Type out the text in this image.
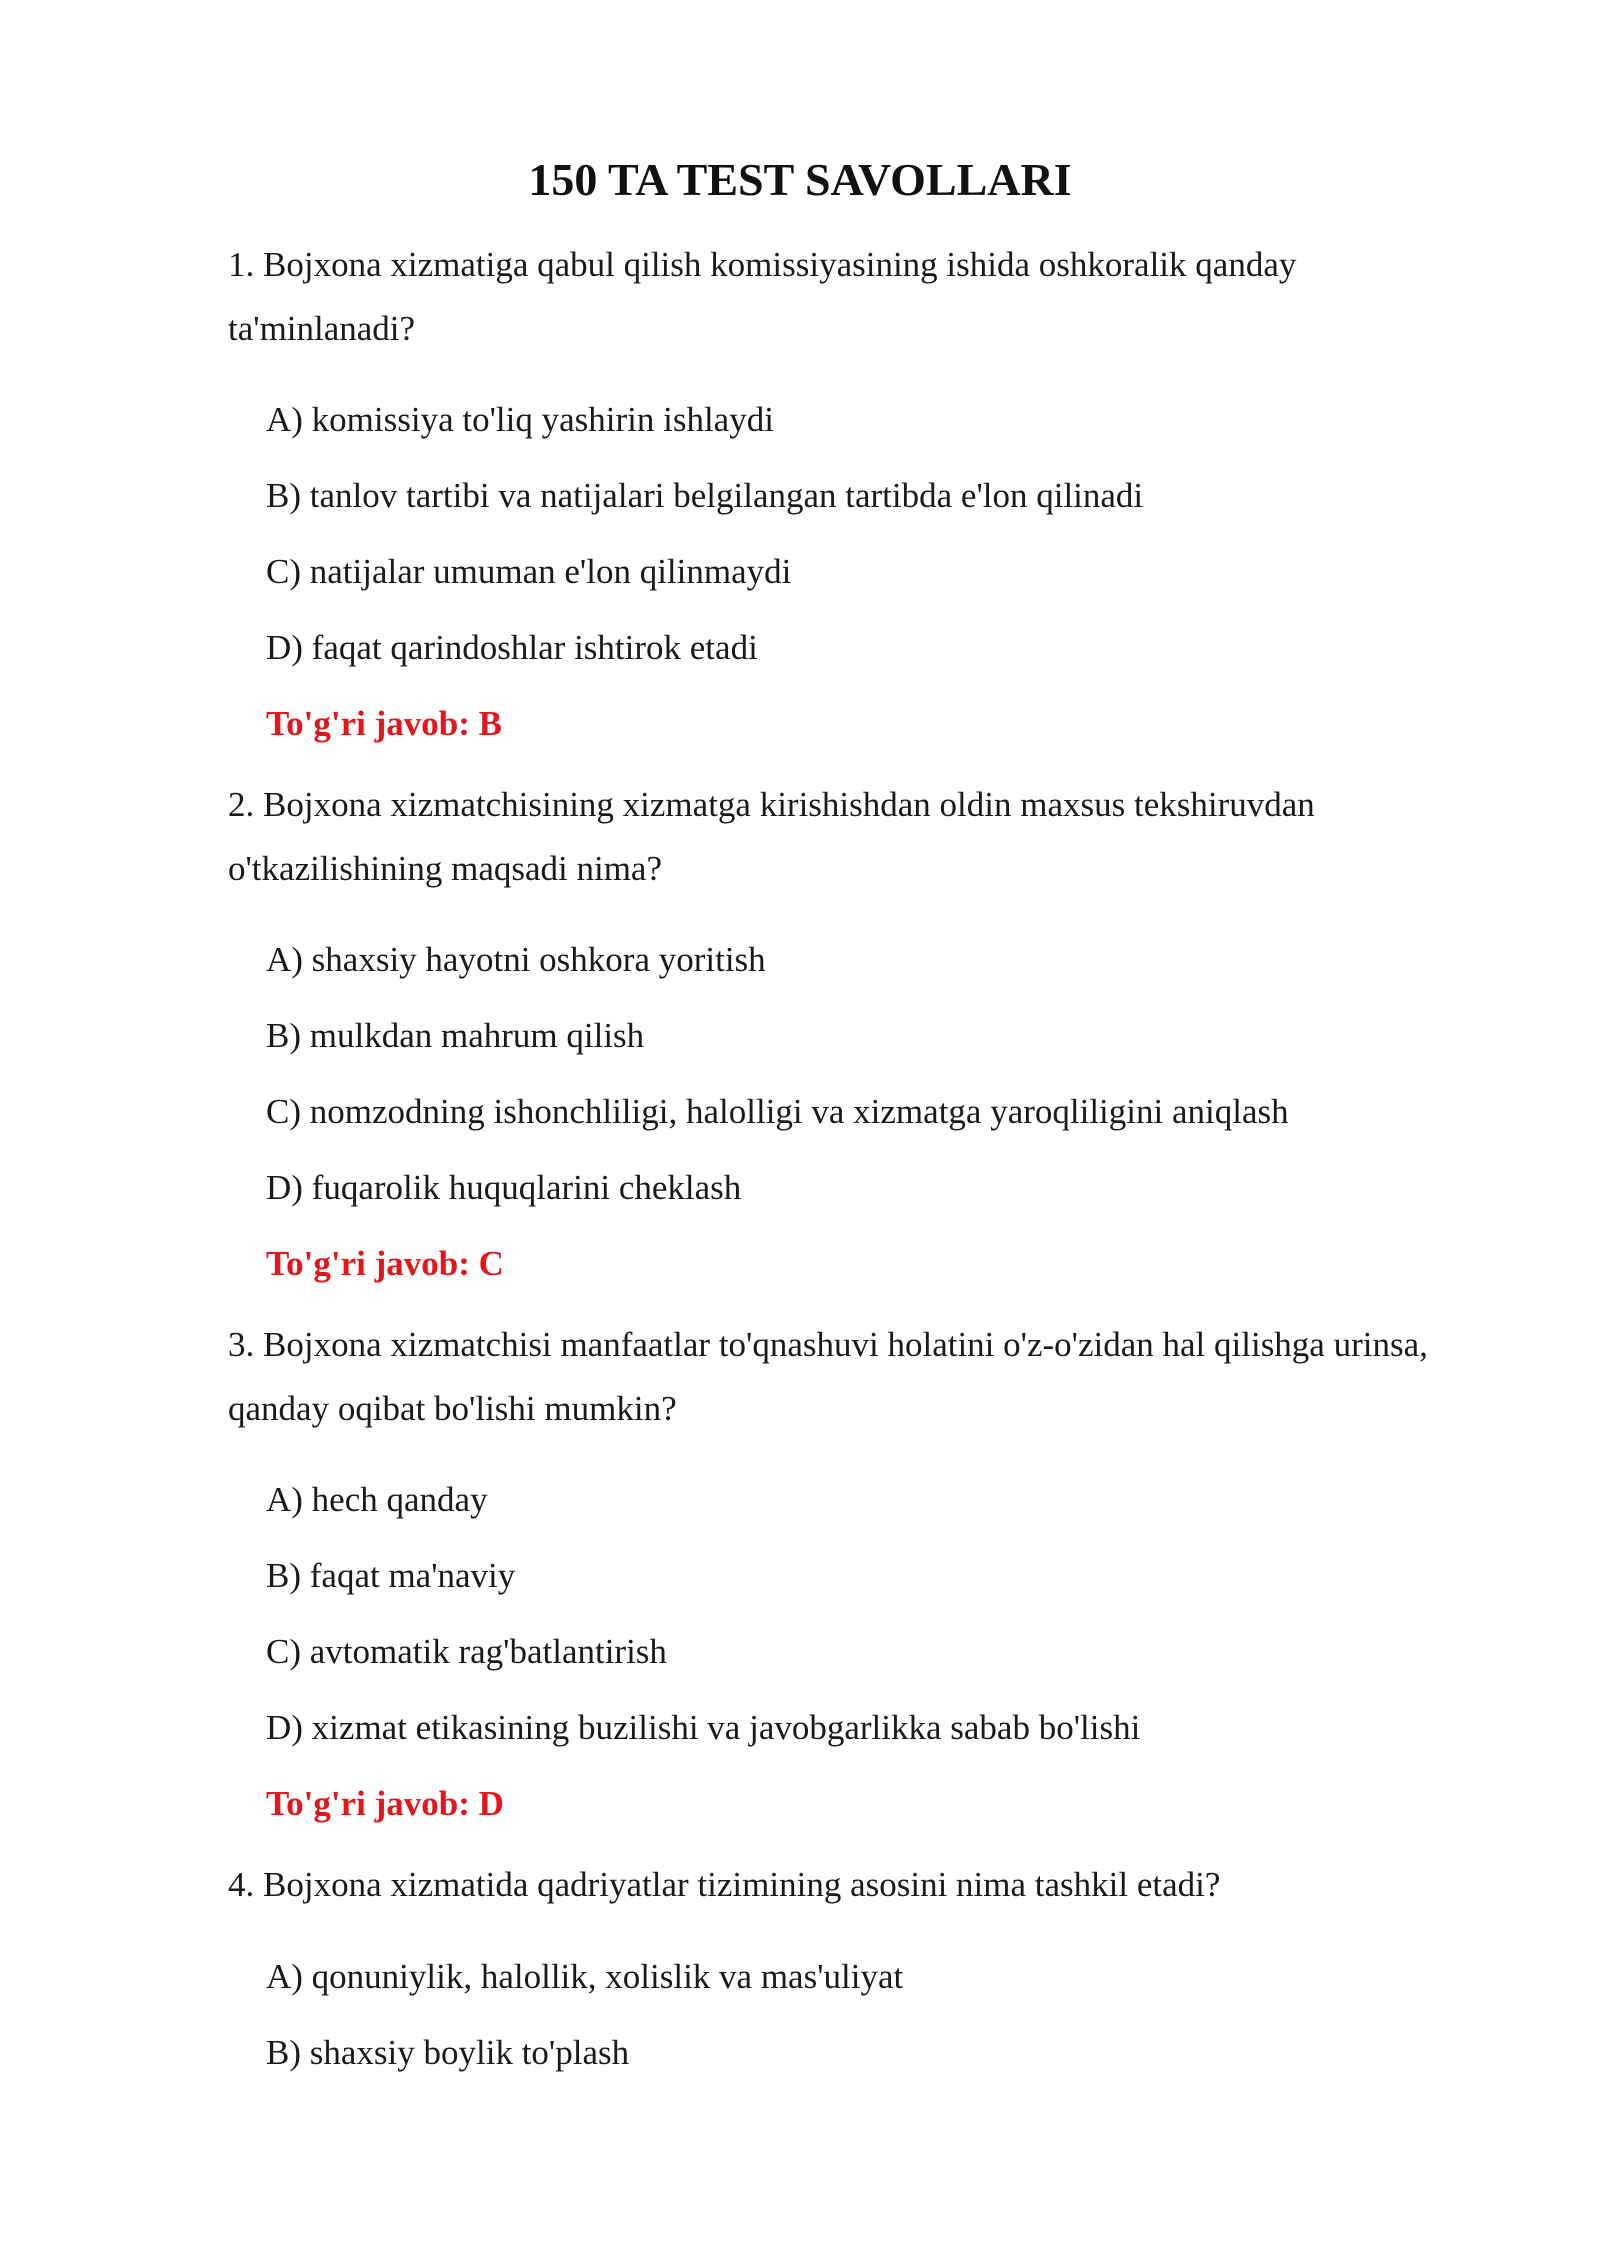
150 TA TEST SAVOLLARI

1. Bojxona xizmatiga qabul qilish komissiyasining ishida oshkoralik qanday ta'minlanadi?

A) komissiya to'liq yashirin ishlaydi

B) tanlov tartibi va natijalari belgilangan tartibda e'lon qilinadi

C) natijalar umuman e'lon qilinmaydi

D) faqat qarindoshlar ishtirok etadi

To'g'ri javob: B

2. Bojxona xizmatchisining xizmatga kirishishdan oldin maxsus tekshiruvdan o'tkazilishining maqsadi nima?

A) shaxsiy hayotni oshkora yoritish

B) mulkdan mahrum qilish

C) nomzodning ishonchliligi, halolligi va xizmatga yaroqliligini aniqlash

D) fuqarolik huquqlarini cheklash

To'g'ri javob: C

3. Bojxona xizmatchisi manfaatlar to'qnashuvi holatini o'z-o'zidan hal qilishga urinsa, qanday oqibat bo'lishi mumkin?

A) hech qanday

B) faqat ma'naviy

C) avtomatik rag'batlantirish

D) xizmat etikasining buzilishi va javobgarlikka sabab bo'lishi

To'g'ri javob: D

4. Bojxona xizmatida qadriyatlar tizimining asosini nima tashkil etadi?

A) qonuniylik, halollik, xolislik va mas'uliyat

B) shaxsiy boylik to'plash
